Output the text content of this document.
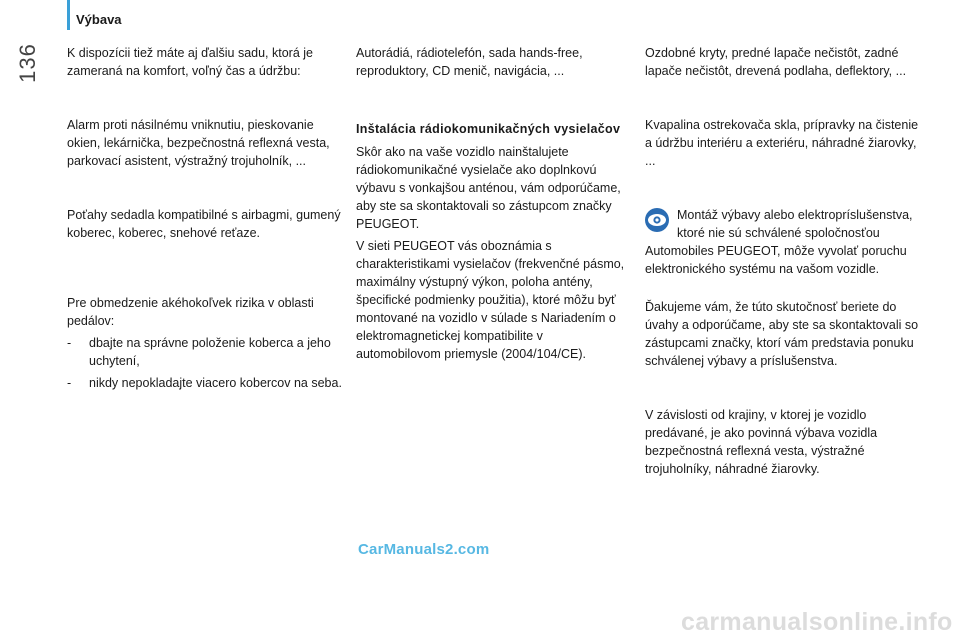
Výbava
136 K dispozícii tiež máte aj ďalšiu sadu, ktorá je zameraná na komfort, voľný čas a údržbu:

Alarm proti násilnému vniknutiu, pieskovanie okien, lekárnička, bezpečnostná reflexná vesta, parkovací asistent, výstražný trojuholník, ...

Poťahy sedadla kompatibilné s airbagmi, gumený koberec, koberec, snehové reťaze.

Pre obmedzenie akéhokoľvek rizika v oblasti pedálov:

- dbajte na správne položenie koberca a jeho uchytení,
- nikdy nepokladajte viacero kobercov na seba.

Autorádiá, rádiotelefón, sada hands-free, reproduktory, CD menič, navigácia, ...

Inštalácia rádiokomunikačných vysielačov

Skôr ako na vaše vozidlo nainštalujete rádiokomunikačné vysielače ako doplnkovú výbavu s vonkajšou anténou, vám odporúčame, aby ste sa skontaktovali so zástupcom značky PEUGEOT.

V sieti PEUGEOT vás oboznámia s charakteristikami vysielačov (frekvenčné pásmo, maximálny výstupný výkon, poloha antény, špecifické podmienky použitia), ktoré môžu byť montované na vozidlo v súlade s Nariadením o elektromagnetickej kompatibilite v automobilovom priemysle (2004/104/CE).

Ozdobné kryty, predné lapače nečistôt, zadné lapače nečistôt, drevená podlaha, deflektory, ...

Kvapalina ostrekovača skla, prípravky na čistenie a údržbu interiéru a exteriéru, náhradné žiarovky, ...

Montáž výbavy alebo elektropríslušenstva, ktoré nie sú schválené spoločnosťou Automobiles PEUGEOT, môže vyvolať poruchu elektronického systému na vašom vozidle.

Ďakujeme vám, že túto skutočnosť beriete do úvahy a odporúčame, aby ste sa skontaktovali so zástupcami značky, ktorí vám predstavia ponuku schválenej výbavy a príslušenstva.

V závislosti od krajiny, v ktorej je vozidlo predávané, je ako povinná výbava vozidla bezpečnostná reflexná vesta, výstražné trojuholníky, náhradné žiarovky.

CarManuals2.com
carmanualsonline.info
